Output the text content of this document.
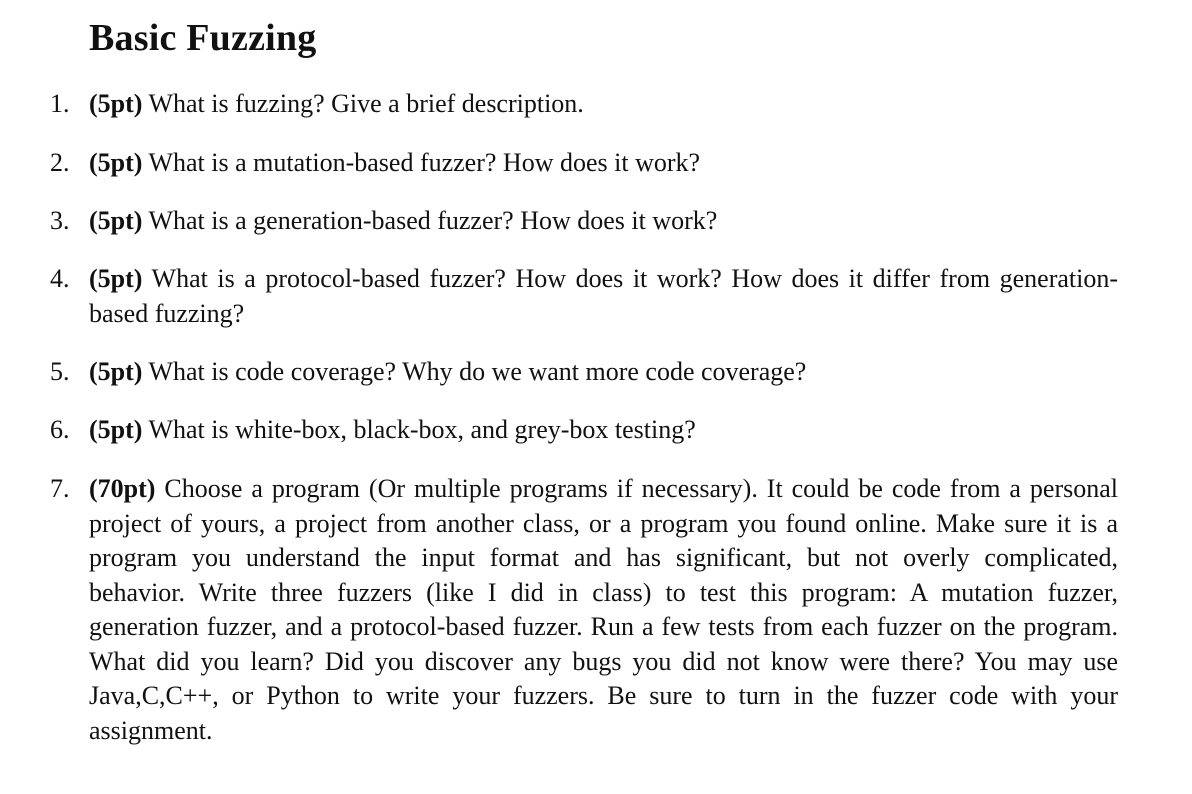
Basic Fuzzing
1. (5pt) What is fuzzing? Give a brief description.
2. (5pt) What is a mutation-based fuzzer? How does it work?
3. (5pt) What is a generation-based fuzzer? How does it work?
4. (5pt) What is a protocol-based fuzzer? How does it work? How does it differ from generation-based fuzzing?
5. (5pt) What is code coverage? Why do we want more code coverage?
6. (5pt) What is white-box, black-box, and grey-box testing?
7. (70pt) Choose a program (Or multiple programs if necessary). It could be code from a personal project of yours, a project from another class, or a program you found online. Make sure it is a program you understand the input format and has significant, but not overly complicated, behavior. Write three fuzzers (like I did in class) to test this program: A mutation fuzzer, generation fuzzer, and a protocol-based fuzzer. Run a few tests from each fuzzer on the program. What did you learn? Did you discover any bugs you did not know were there? You may use Java,C,C++, or Python to write your fuzzers. Be sure to turn in the fuzzer code with your assignment.
